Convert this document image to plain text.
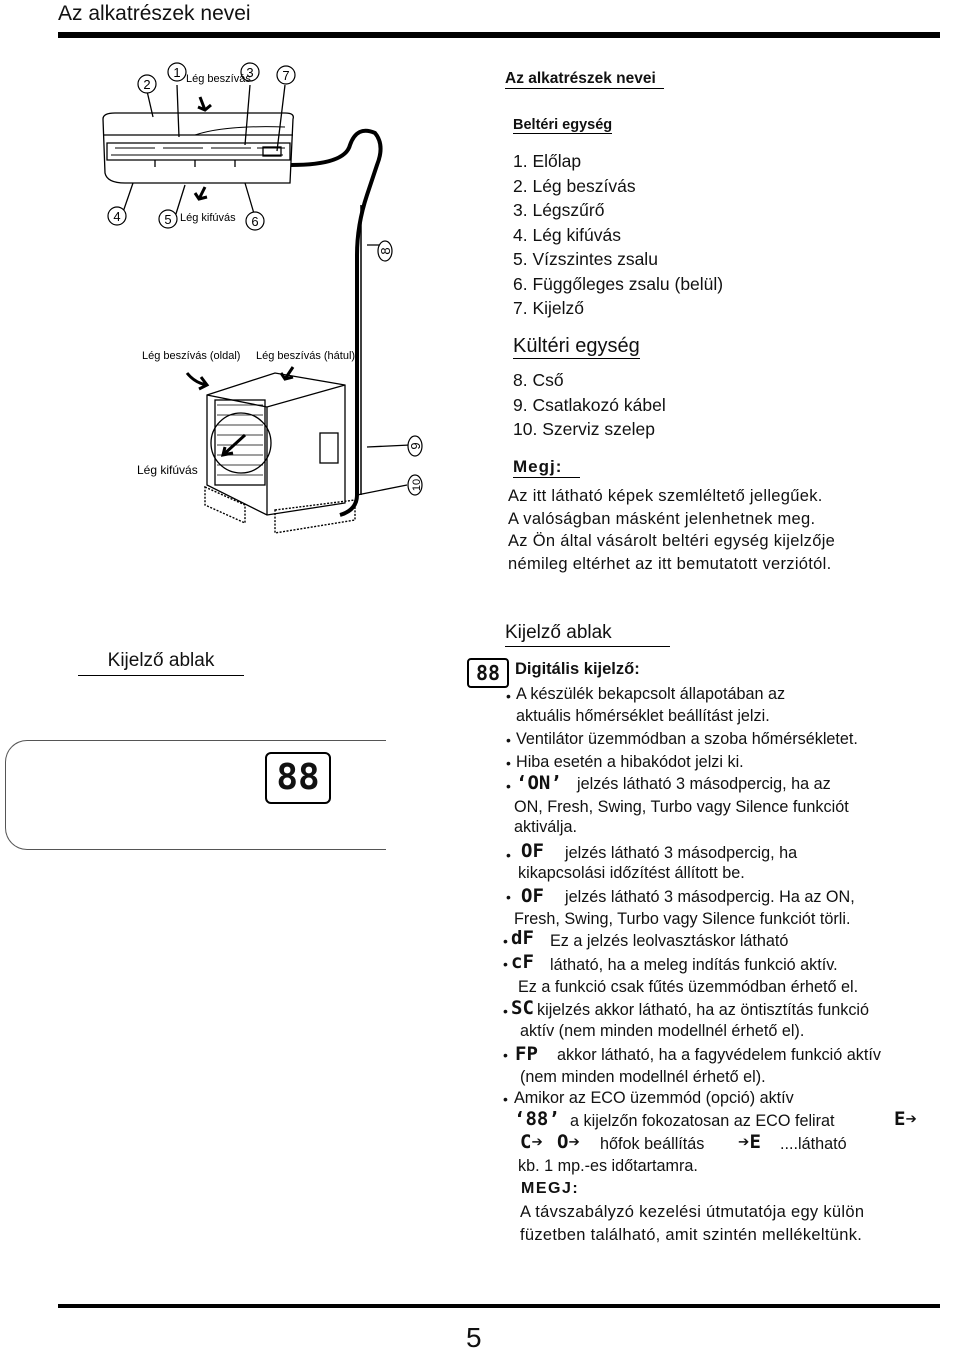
Az alkatrészek nevei
1
2
3
4	5	6
7
8
9
10
Lég beszívás
Lég kifúvás
Lég beszívás (oldal) Lég beszívás (hátul)
Lég kifúvás
Az alkatrészek nevei
Beltéri egység
1. Előlap
2. Lég beszívás
3. Légszűrő
4. Lég kifúvás
5. Vízszintes zsalu
6. Függőleges zsalu (belül)
7. Kijelző
Kültéri egység
8. Cső
9. Csatlakozó kábel
10. Szerviz szelep
Megj:
Az itt látható képek szemléltető jellegűek.
A valóságban másként jelenhetnek meg.
Az Ön által vásárolt beltéri egység kijelzője
némileg eltérhet az itt bemutatott verziótól.
Kijelző ablak
88
Kijelző ablak
88 Digitális kijelző:
• A készülék bekapcsolt állapotában az
aktuális hőmérséklet beállítást jelzi.
• Ventilátor üzemmódban a szoba hőmérsékletet.
• Hiba esetén a hibakódot jelzi ki.
• ‘ON’ jelzés látható 3 másodpercig, ha az
ON, Fresh, Swing, Turbo vagy Silence funkciót
aktiválja.
• OF jelzés látható 3 másodpercig, ha
kikapcsolási időzítést állított be.
• OF jelzés látható 3 másodpercig. Ha az ON,
Fresh, Swing, Turbo vagy Silence funkciót törli.
• dF Ez a jelzés leolvasztáskor látható
• cF látható, ha a meleg indítás funkció aktív.
Ez a funkció csak fűtés üzemmódban érhető el.
• SC kijelzés akkor látható, ha az öntisztítás funkció
aktív (nem minden modellnél érhető el).
• FP akkor látható, ha a fagyvédelem funkció aktív
(nem minden modellnél érhető el).
• Amikor az ECO üzemmód (opció) aktív
‘88’ a kijelzőn fokozatosan az ECO felirat	E➔
C➔ O➔ hőfok beállítás ➔E ....látható
kb. 1 mp.-es időtartamra.
MEGJ:
A távszabályzó kezelési útmutatója egy külön
füzetben található, amit szintén mellékeltünk.
5
